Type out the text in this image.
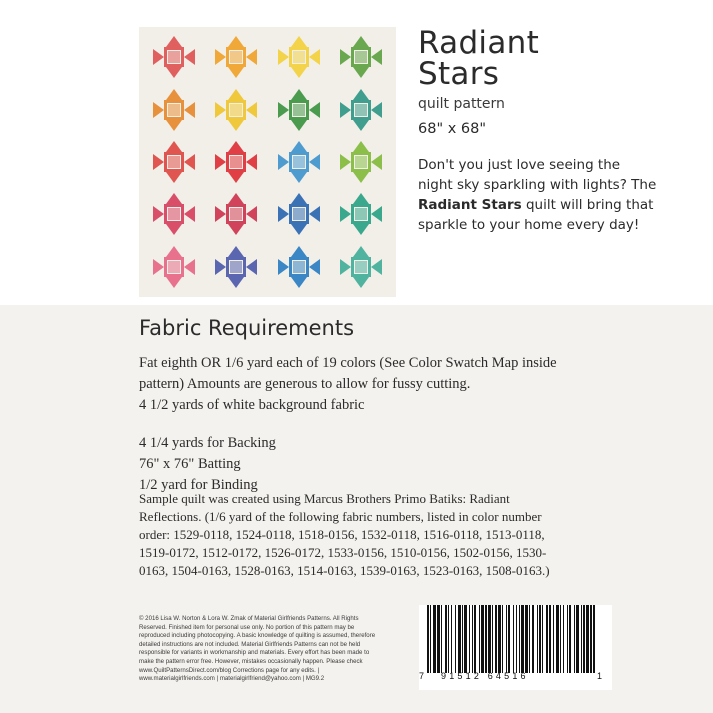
Radiant
Stars
quilt pattern
68" x 68"
Don't you just love seeing the night sky sparkling with lights? The Radiant Stars quilt will bring that sparkle to your home every day!
Fabric Requirements

Fat eighth OR 1/6 yard each of 19 colors (See Color Swatch Map inside pattern) Amounts are generous to allow for fussy cutting.

4 1/2 yards of white background fabric

4 1/4 yards for Backing

76" x 76" Batting

1/2 yard for Binding

Sample quilt was created using Marcus Brothers Primo Batiks: Radiant Reflections. (1/6 yard of the following fabric numbers, listed in color number order: 1529-0118, 1524-0118, 1518-0156, 1532-0118, 1516-0118, 1513-0118, 1519-0172, 1512-0172, 1526-0172, 1533-0156, 1510-0156, 1502-0156, 1530-0163, 1504-0163, 1528-0163, 1514-0163, 1539-0163, 1523-0163, 1508-0163.)
© 2016 Lisa W. Norton & Lora W. Zmak of Material Girlfriends Patterns. All Rights Reserved. Finished item for personal use only. No portion of this pattern may be reproduced including photocopying. A basic knowledge of quilting is assumed, therefore detailed instructions are not included. Material Girlfriends Patterns can not be held responsible for variants in workmanship and materials. Every effort has been made to make the pattern error free. However, mistakes occasionally happen. Please check www.QuiltPatternsDirect.com/blog Corrections page for any edits. | www.materialgirlfriends.com | materialgirlfriend@yahoo.com | MG9.2	7 91512 64516	1
